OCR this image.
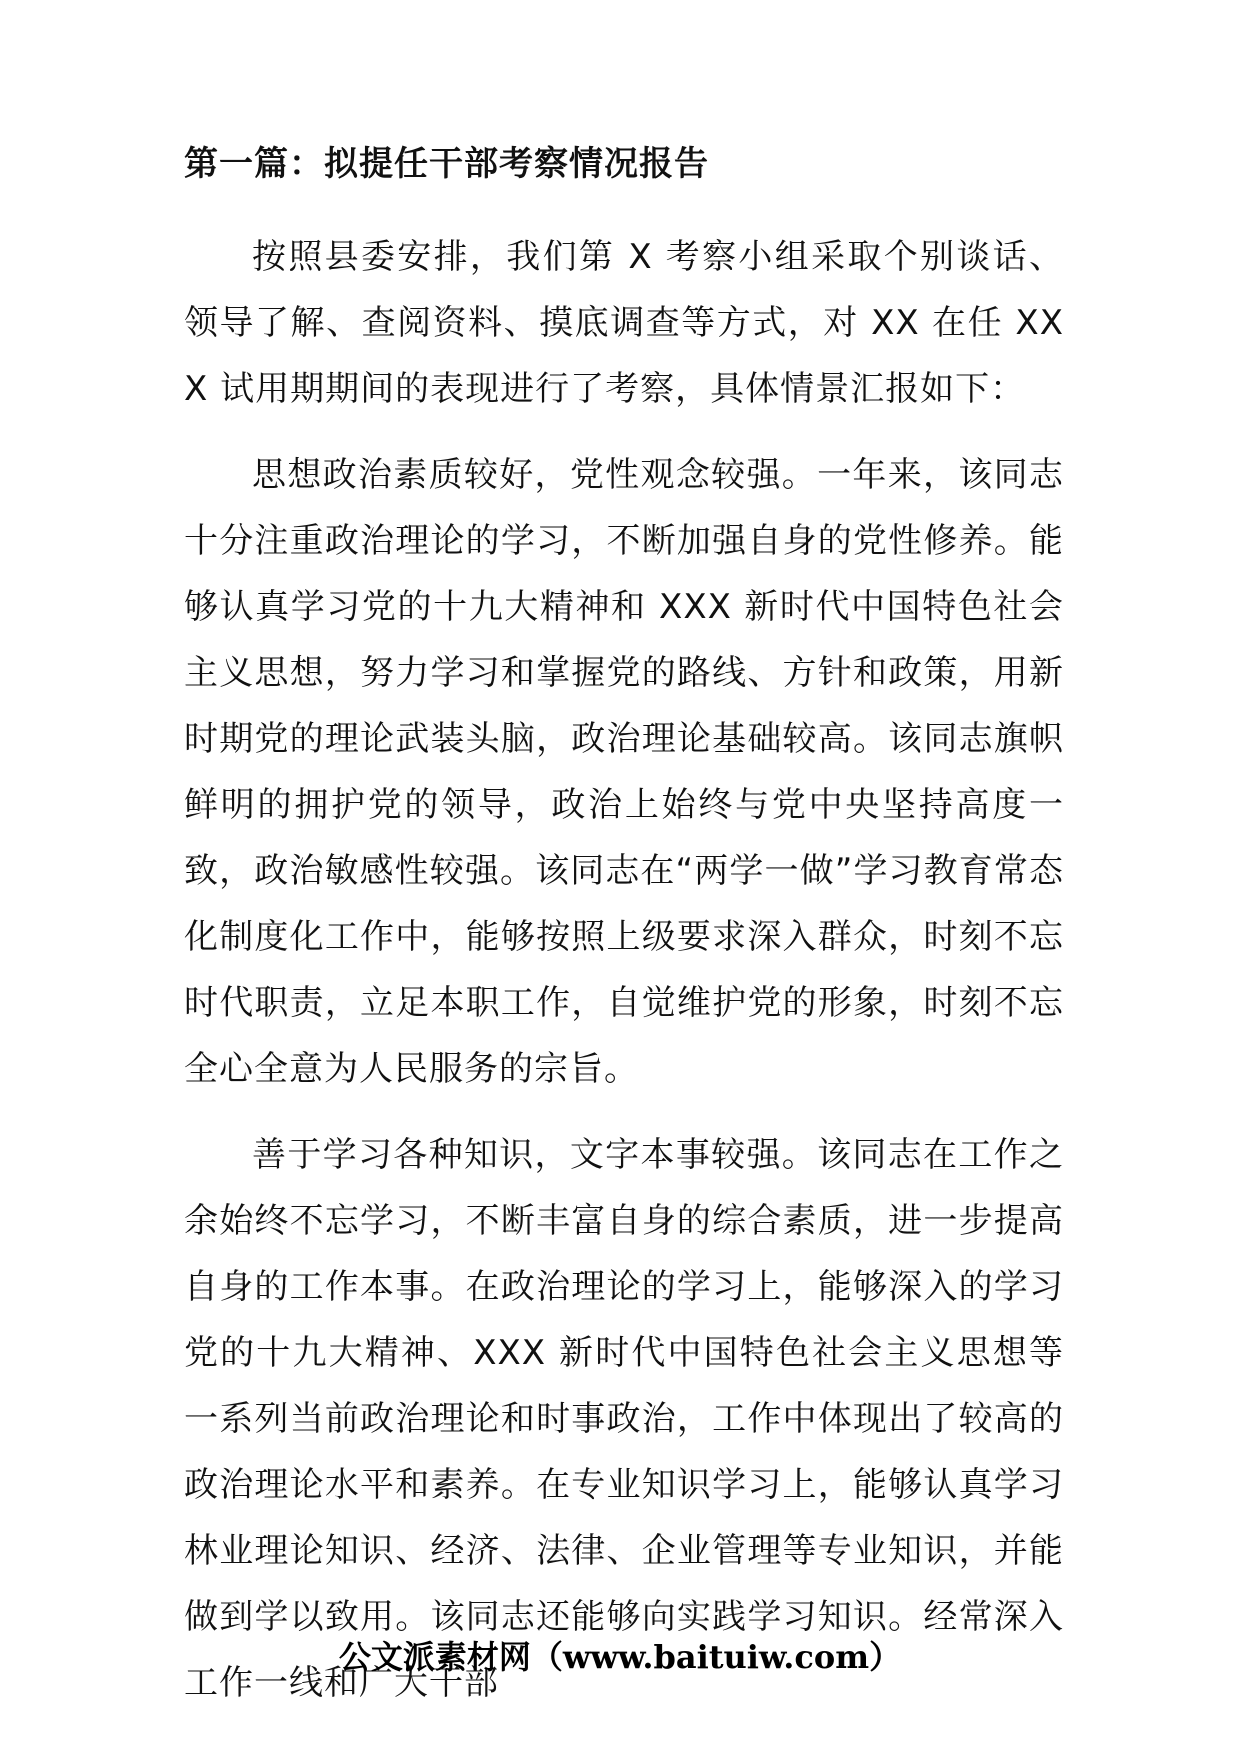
第一篇：拟提任干部考察情况报告

按照县委安排，我们第 X 考察小组采取个别谈话、领导了解、查阅资料、摸底调查等方式，对 XX 在任 XXX 试用期期间的表现进行了考察，具体情景汇报如下：

思想政治素质较好，党性观念较强。一年来，该同志十分注重政治理论的学习，不断加强自身的党性修养。能够认真学习党的十九大精神和 XXX 新时代中国特色社会主义思想，努力学习和掌握党的路线、方针和政策，用新时期党的理论武装头脑，政治理论基础较高。该同志旗帜鲜明的拥护党的领导，政治上始终与党中央坚持高度一致，政治敏感性较强。该同志在“两学一做”学习教育常态化制度化工作中，能够按照上级要求深入群众，时刻不忘时代职责，立足本职工作，自觉维护党的形象，时刻不忘全心全意为人民服务的宗旨。

善于学习各种知识，文字本事较强。该同志在工作之余始终不忘学习，不断丰富自身的综合素质，进一步提高自身的工作本事。在政治理论的学习上，能够深入的学习党的十九大精神、XXX 新时代中国特色社会主义思想等一系列当前政治理论和时事政治，工作中体现出了较高的政治理论水平和素养。在专业知识学习上，能够认真学习林业理论知识、经济、法律、企业管理等专业知识，并能做到学以致用。该同志还能够向实践学习知识。经常深入工作一线和广大干部

公文派素材网（www.baituiw.com）
